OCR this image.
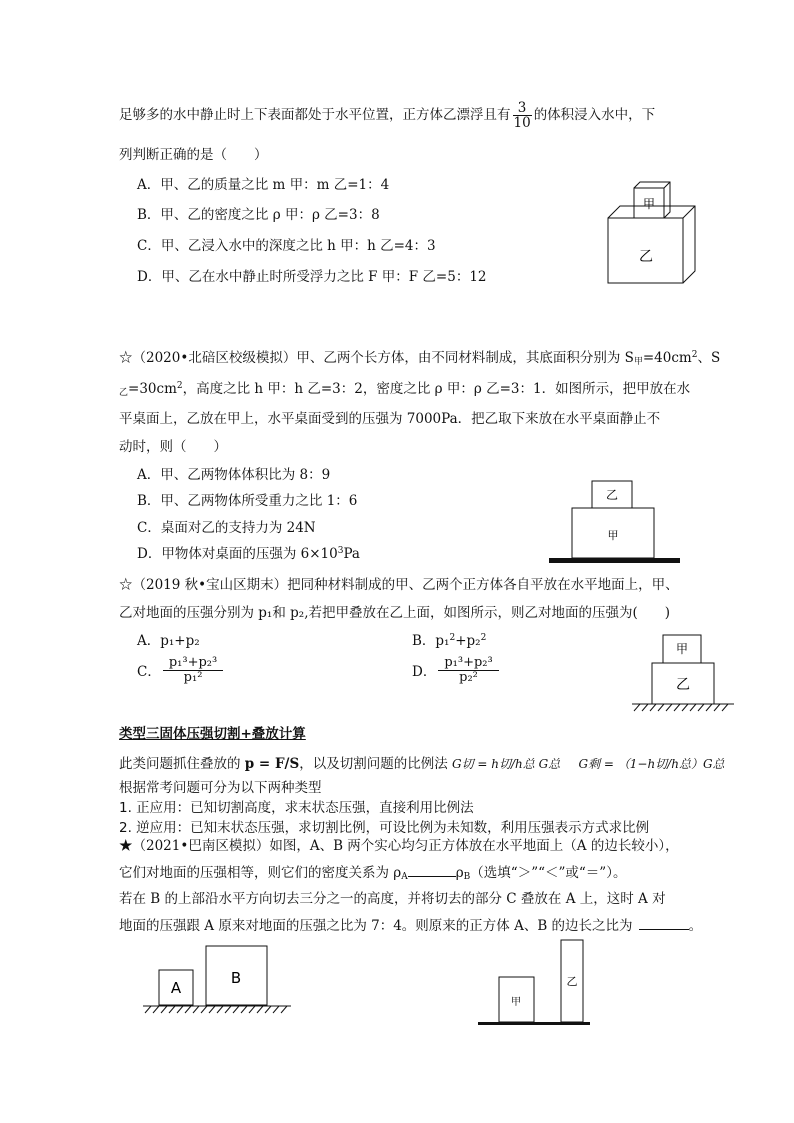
足够多的水中静止时上下表面都处于水平位置，正方体乙漂浮且有 $\frac{3}{10}$ 的体积浸入水中，下
列判断正确的是（　　）
A．甲、乙的质量之比 m 甲：m 乙=1：4
B．甲、乙的密度之比 ρ 甲：ρ 乙=3：8
C．甲、乙浸入水中的深度之比 h 甲：h 乙=4：3
D．甲、乙在水中静止时所受浮力之比 F 甲：F 乙=5：12
甲
乙
☆（2020•北碚区校级模拟）甲、乙两个长方体，由不同材料制成，其底面积分别为 $S_甲=40cm^2$、S
$_乙=30cm^2$，高度之比 h 甲：h 乙=3：2，密度之比 ρ 甲：ρ 乙=3：1．如图所示，把甲放在水
平桌面上，乙放在甲上，水平桌面受到的压强为 7000Pa．把乙取下来放在水平桌面静止不
动时，则（　　）
A．甲、乙两物体体积比为 8：9
B．甲、乙两物体所受重力之比 1：6
C．桌面对乙的支持力为 24N
D．甲物体对桌面的压强为 $6\times 10^3Pa$
乙
甲
☆（2019 秋•宝山区期末）把同种材料制成的甲、乙两个正方体各自平放在水平地面上，甲、
乙对地面的压强分别为 p₁和 p₂,若把甲叠放在乙上面，如图所示，则乙对地面的压强为(　　)
A．p₁+p₂	B．p₁$^2$+p₂$^2$
C． $\frac{\text{p₁³+p₂³}}{\text{p₁²}}$	D． $\frac{\text{p₁³+p₂³}}{\text{p₂²}}$
甲
乙
类型三固体压强切割+叠放计算
此类问题抓住叠放的 p = F/S，以及切割问题的比例法 G切 = h切/h总 G总 G剩 = （1−h切/h总）G总
根据常考问题可分为以下两种类型
1. 正应用：已知切割高度，求末状态压强，直接利用比例法
2. 逆应用：已知末状态压强，求切割比例，可设比例为未知数，利用压强表示方式求比例
★（2021•巴南区模拟）如图，A、B 两个实心均匀正方体放在水平地面上（A 的边长较小），
它们对地面的压强相等，则它们的密度关系为 $\rho_A$	$\rho_B$（选填“＞”“＜”或“＝”）。
若在 B 的上部沿水平方向切去三分之一的高度，并将切去的部分 C 叠放在 A 上，这时 A 对
地面的压强跟 A 原来对地面的压强之比为 7：4。则原来的正方体 A、B 的边长之比为	。
A
B
甲
乙
